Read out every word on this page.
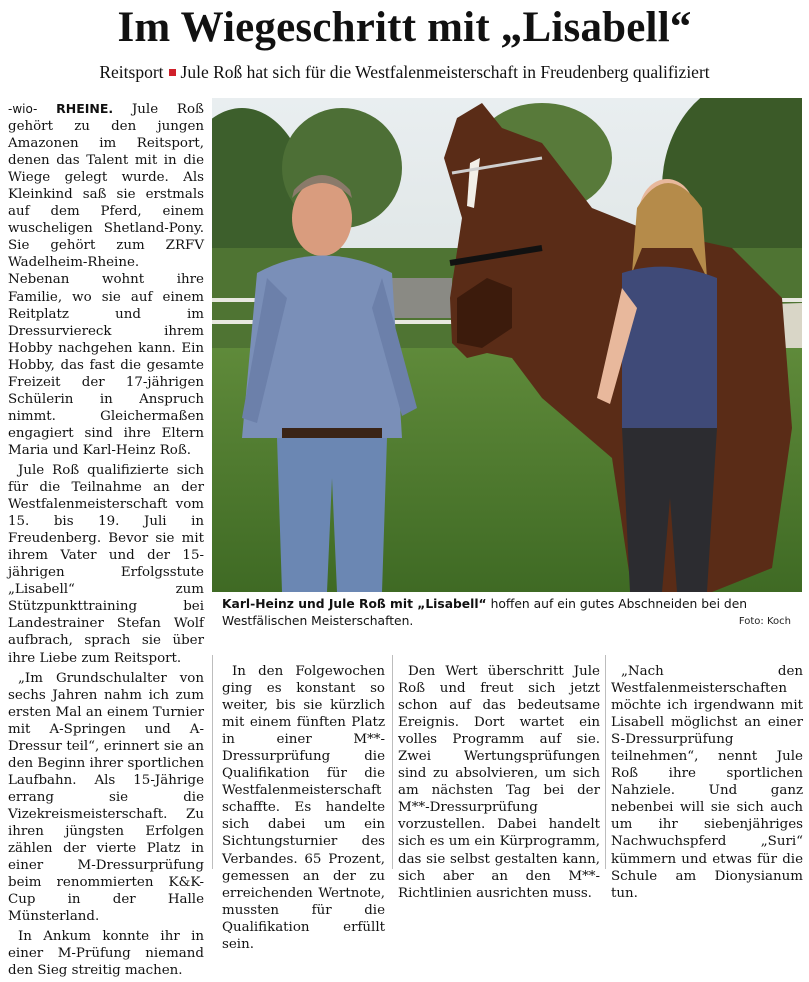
Im Wiegeschritt mit „Lisabell“
Reitsport Jule Roß hat sich für die Westfalenmeisterschaft in Freudenberg qualifiziert

-wio- RHEINE. Jule Roß gehört zu den jungen Amazonen im Reitsport, denen das Talent mit in die Wiege gelegt wurde. Als Kleinkind saß sie erstmals auf dem Pferd, einem wuscheligen Shetland-Pony. Sie gehört zum ZRFV Wadelheim-Rheine. Nebenan wohnt ihre Familie, wo sie auf einem Reitplatz und im Dressurviereck ihrem Hobby nachgehen kann. Ein Hobby, das fast die gesamte Freizeit der 17-jährigen Schülerin in Anspruch nimmt. Gleichermaßen engagiert sind ihre Eltern Maria und Karl-Heinz Roß.

Jule Roß qualifizierte sich für die Teilnahme an der Westfalenmeisterschaft vom 15. bis 19. Juli in Freudenberg. Bevor sie mit ihrem Vater und der 15-jährigen Erfolgsstute „Lisabell“ zum Stützpunkttraining bei Landestrainer Stefan Wolf aufbrach, sprach sie über ihre Liebe zum Reitsport.

„Im Grundschulalter von sechs Jahren nahm ich zum ersten Mal an einem Turnier mit A-Springen und A-Dressur teil“, erinnert sie an den Beginn ihrer sportlichen Laufbahn. Als 15-Jährige errang sie die Vizekreismeisterschaft. Zu ihren jüngsten Erfolgen zählen der vierte Platz in einer M-Dressurprüfung beim renommierten K&K-Cup in der Halle Münsterland.

In Ankum konnte ihr in einer M-Prüfung niemand den Sieg streitig machen.

Karl-Heinz und Jule Roß mit „Lisabell“ hoffen auf ein gutes Abschneiden bei den Westfälischen Meisterschaften.	Foto: Koch

In den Folgewochen ging es konstant so weiter, bis sie kürzlich mit einem fünften Platz in einer M**-Dressurprüfung die Qualifikation für die Westfalenmeisterschaft schaffte. Es handelte sich dabei um ein Sichtungsturnier des Verbandes. 65 Prozent, gemessen an der zu erreichenden Wertnote, mussten für die Qualifikation erfüllt sein.

Den Wert überschritt Jule Roß und freut sich jetzt schon auf das bedeutsame Ereignis. Dort wartet ein volles Programm auf sie. Zwei Wertungsprüfungen sind zu absolvieren, um sich am nächsten Tag bei der M**-Dressurprüfung vorzustellen. Dabei handelt sich es um ein Kürprogramm, das sie selbst gestalten kann, sich aber an den M**-Richtlinien ausrichten muss.

„Nach den Westfalenmeisterschaften möchte ich irgendwann mit Lisabell möglichst an einer S-Dressurprüfung teilnehmen“, nennt Jule Roß ihre sportlichen Nahziele. Und ganz nebenbei will sie sich auch um ihr siebenjähriges Nachwuchspferd „Suri“ kümmern und etwas für die Schule am Dionysianum tun.
